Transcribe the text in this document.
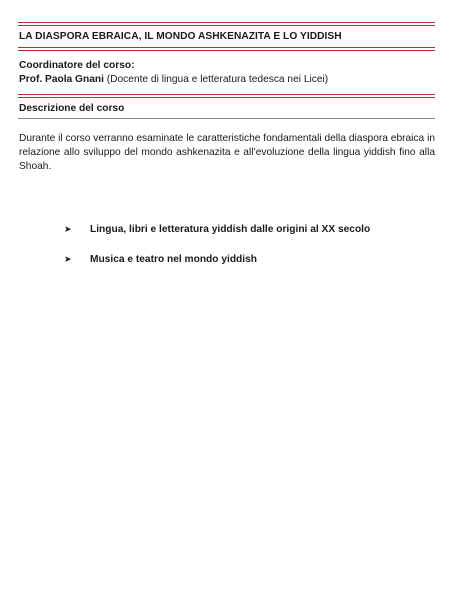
LA DIASPORA EBRAICA, IL MONDO ASHKENAZITA E LO YIDDISH
Coordinatore del corso:
Prof. Paola Gnani (Docente di lingua e letteratura tedesca nei Licei)
Descrizione del corso
Durante il corso verranno esaminate le caratteristiche fondamentali della diaspora ebraica in relazione allo sviluppo del mondo ashkenazita e all’evoluzione della lingua yiddish fino alla Shoah.
➤ Lingua, libri e letteratura yiddish dalle origini al XX secolo
➤ Musica e teatro nel mondo yiddish
